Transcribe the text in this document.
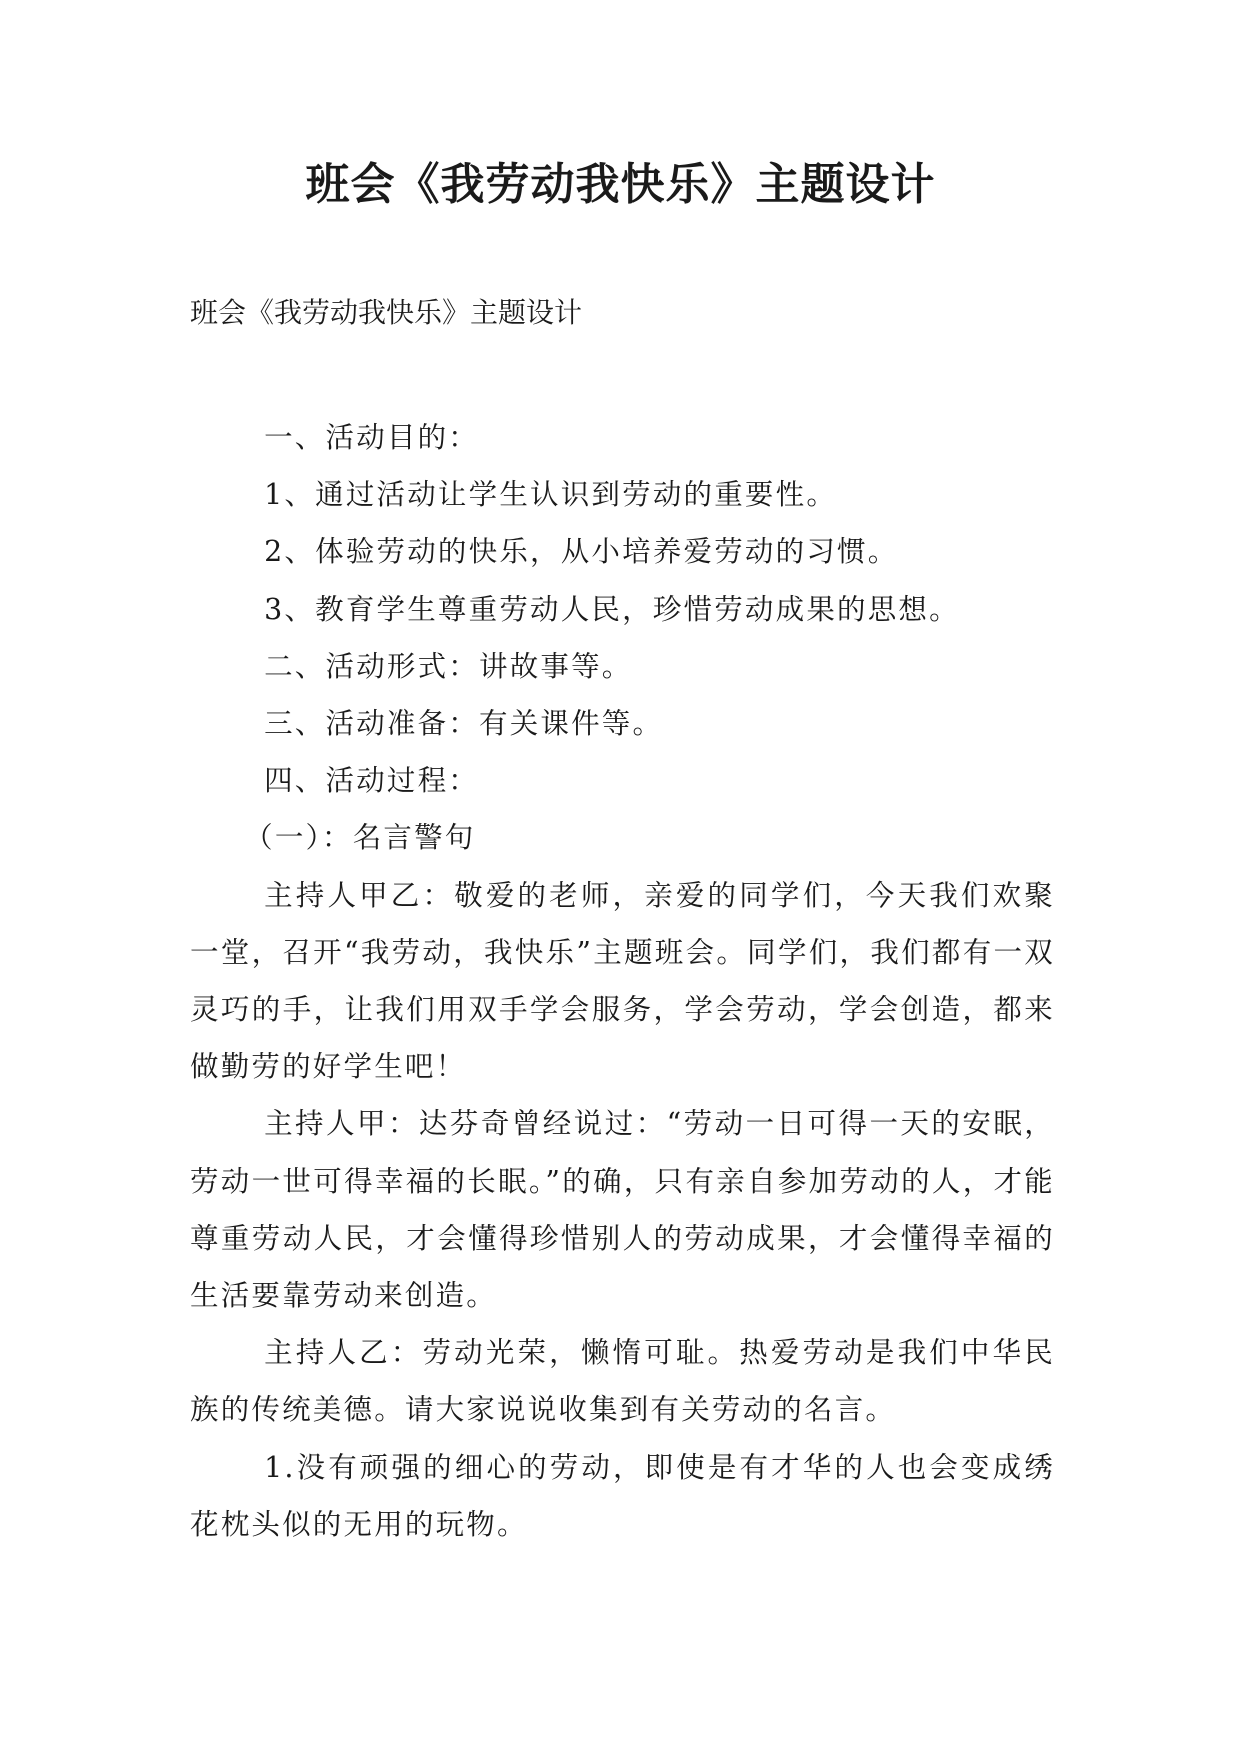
班会《我劳动我快乐》主题设计

班会《我劳动我快乐》主题设计

一、活动目的：

1、通过活动让学生认识到劳动的重要性。

2、体验劳动的快乐，从小培养爱劳动的习惯。

3、教育学生尊重劳动人民，珍惜劳动成果的思想。

二、活动形式：讲故事等。

三、活动准备：有关课件等。

四、活动过程：

（一）：名言警句

主持人甲乙：敬爱的老师，亲爱的同学们，今天我们欢聚一堂，召开“我劳动，我快乐”主题班会。同学们，我们都有一双灵巧的手，让我们用双手学会服务，学会劳动，学会创造，都来做勤劳的好学生吧！

主持人甲：达芬奇曾经说过：“劳动一日可得一天的安眠，劳动一世可得幸福的长眠。”的确，只有亲自参加劳动的人，才能尊重劳动人民，才会懂得珍惜别人的劳动成果，才会懂得幸福的生活要靠劳动来创造。

主持人乙：劳动光荣，懒惰可耻。热爱劳动是我们中华民族的传统美德。请大家说说收集到有关劳动的名言。

1.没有顽强的细心的劳动，即使是有才华的人也会变成绣花枕头似的无用的玩物。
